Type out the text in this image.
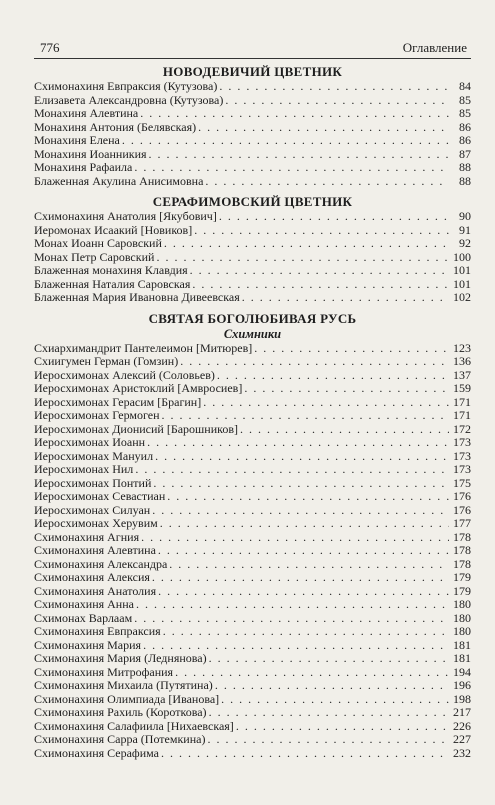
776	Оглавление
НОВОДЕВИЧИЙ ЦВЕТНИК
Схимонахиня Евпраксия (Кутузова) . . .	84
Елизавета Александровна (Кутузова) . . .	85
Монахиня Алевтина . . .	85
Монахиня Антония (Белявская) . . .	86
Монахиня Елена . . .	86
Монахиня Иоанникия . . .	87
Монахиня Рафаила . . .	88
Блаженная Акулина Анисимовна . . .	88
СЕРАФИМОВСКИЙ ЦВЕТНИК
Схимонахиня Анатолия [Якубович] . . .	90
Иеромонах Исаакий [Новиков] . . .	91
Монах Иоанн Саровский . . .	92
Монах Петр Саровский . . .	100
Блаженная монахиня Клавдия . . .	101
Блаженная Наталия Саровская . . .	101
Блаженная Мария Ивановна Дивеевская . . .	102
СВЯТАЯ БОГОЛЮБИВАЯ РУСЬ
Схимники
Схиархимандрит Пантелеимон [Митюрев] . . .	123
Схиигумен Герман (Гомзин) . . .	136
Иеросхимонах Алексий (Соловьев) . . .	137
Иеросхимонах Аристоклий [Амвросиев] . . .	159
Иеросхимонах Герасим [Брагин] . . .	171
Иеросхимонах Гермоген . . .	171
Иеросхимонах Дионисий [Барошников] . . .	172
Иеросхимонах Иоанн . . .	173
Иеросхимонах Мануил . . .	173
Иеросхимонах Нил . . .	173
Иеросхимонах Понтий . . .	175
Иеросхимонах Севастиан . . .	176
Иеросхимонах Силуан . . .	176
Иеросхимонах Херувим . . .	177
Схимонахиня Агния . . .	178
Схимонахиня Алевтина . . .	178
Схимонахиня Александра . . .	178
Схимонахиня Алексия . . .	179
Схимонахиня Анатолия . . .	179
Схимонахиня Анна . . .	180
Схимонах Варлаам . . .	180
Схимонахиня Евпраксия . . .	180
Схимонахиня Мария . . .	181
Схимонахиня Мария (Леднянова) . . .	181
Схимонахиня Митрофания . . .	194
Схимонахиня Михаила (Путятина) . . .	196
Схимонахиня Олимпиада [Иванова] . . .	198
Схимонахиня Рахиль (Короткова) . . .	217
Схимонахиня Салафиила [Нихаевская] . . .	226
Схимонахиня Сарра (Потемкина) . . .	227
Схимонахиня Серафима . . .	232
